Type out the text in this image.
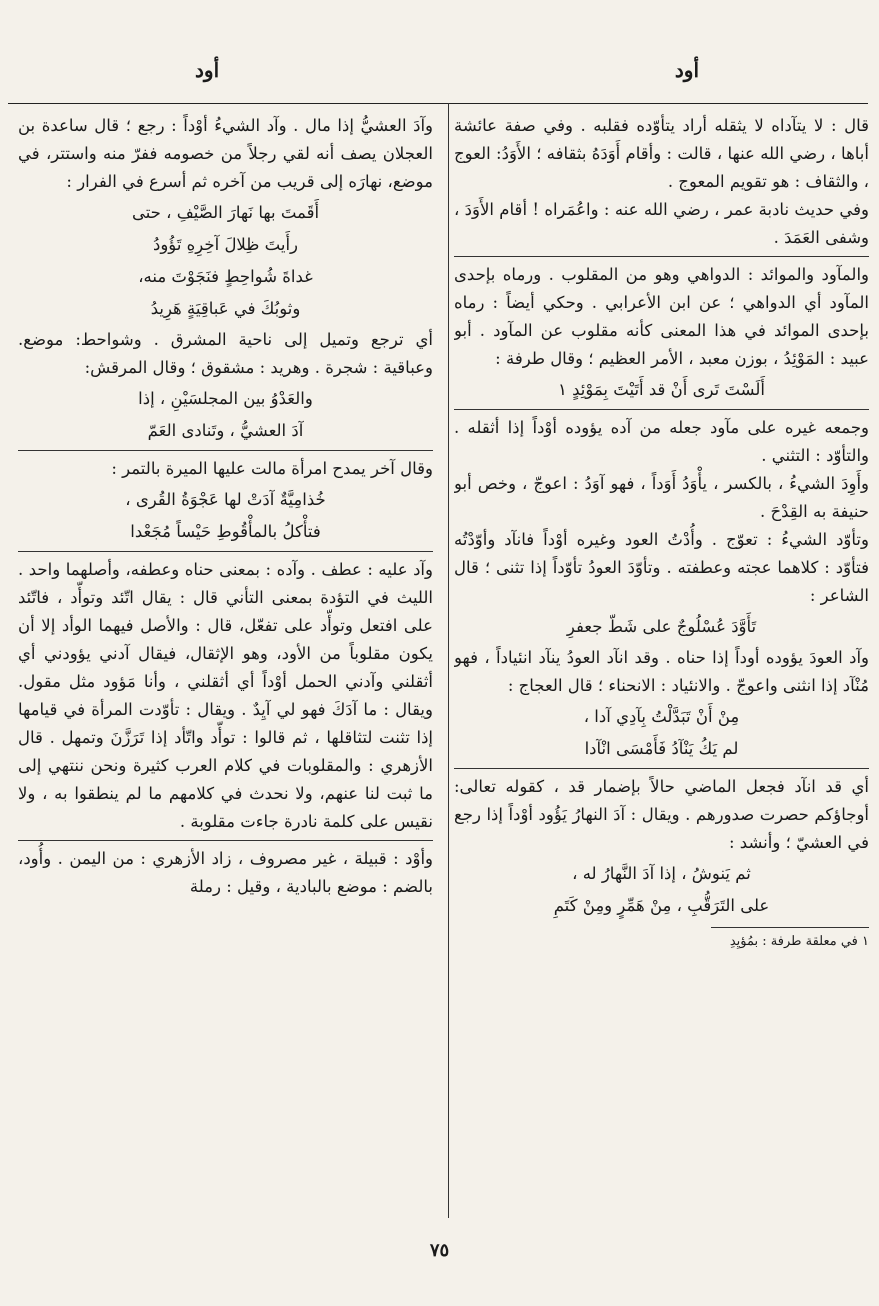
أود
أود

قال : لا يتآداه لا يثقله أراد يتأوّده فقلبه . وفي صفة عائشة أباها ، رضي الله عنها ، قالت : وأقام أَوَدَهُ بثقافه ؛ الأَوَدُ: العوج ، والثقاف : هو تقويم المعوج .

وفي حديث نادبة عمر ، رضي الله عنه : واعُمَراه ! أقام الأَوَدَ ، وشفى العَمَدَ .

والمآود والموائد : الدواهي وهو من المقلوب . ورماه بإحدى المآود أي الدواهي ؛ عن ابن الأعرابي . وحكي أيضاً : رماه بإحدى الموائد في هذا المعنى كأنه مقلوب عن المآود . أبو عبيد : المَوْئِدُ ، بوزن معبد ، الأمر العظيم ؛ وقال طرفة :

أَلَسْتَ تَرى أَنْ قد أَتَيْتَ بِمَوْئِدٍ ١

وجمعه غيره على مآود جعله من آده يؤوده أوْداً إذا أثقله . والتأوّد : التثني .

وأَوِدَ الشيءُ ، بالكسر ، يأْوَدُ أَوَداً ، فهو آوَدُ : اعوجّ ، وخص أبو حنيفة به القِدْحَ .

وتأوّد الشيءُ : تعوّج . وأُدْتُ العود وغيره أوْداً فانآد وأوّدْتُه فتأوّد : كلاهما عجته وعطفته . وتأوّدَ العودُ تأوّداً إذا تثنى ؛ قال الشاعر :

تَأَوَّدَ عُسْلُوجٌ على شَطّ جعفرِ

وآد العودَ يؤوده أوداً إذا حناه . وقد انآد العودُ ينآد انئياداً ، فهو مُنْآد إذا انثنى واعوجّ . والانئياد : الانحناء ؛ قال العجاج :

مِنْ أَنْ تَبَدَّلْتُ بِآدِي آدا ،

لم يَكُ يَنْآدُ فَأَمْسَى انْآدا

أي قد انآد فجعل الماضي حالاً بإضمار قد ، كقوله تعالى: أوجاؤكم حصرت صدورهم . ويقال : آدَ النهارُ يَؤُود أوْداً إذا رجع في العشيّ ؛ وأنشد :

ثم يَنوشُ ، إذا آدَ النَّهارُ له ،

على التَرَقُّبِ ، مِنْ هَمِّرٍ ومِنْ كَتَمِ

١ في معلقة طرفة : بمُؤيِدِ

وآدَ العشيُّ إذا مال . وآد الشيءُ أوْداً : رجع ؛ قال ساعدة بن العجلان يصف أنه لقي رجلاً من خصومه ففرّ منه واستتر، في موضع، نهارَه إلى قريب من آخره ثم أسرع في الفرار :

أَقَمتَ بها نَهارَ الصَّيْفِ ، حتى

رأَيتَ ظِلالَ آخِرِهِ تَؤُودُ

غداةَ شُواحِطٍ فنَجَوْتَ منه،

وثوبُكَ في عَباقِيَةٍ هَرِيدُ

أي ترجع وتميل إلى ناحية المشرق . وشواحط: موضع. وعباقية : شجرة . وهريد : مشقوق ؛ وقال المرقش:

والعَدْوُ بين المجلسَيْنِ ، إذا

آدَ العشيُّ ، وتَنادى العَمّ

وقال آخر يمدح امرأة مالت عليها الميرة بالتمر :

خُذامِيَّةٌ آدَتْ لها عَجْوَةُ القُرى ،

فتأْكلُ بالمأْقُوطِ حَيْساً مُجَعْدا

وآد عليه : عطف . وآده : بمعنى حناه وعطفه، وأصلهما واحد . الليث في التؤدة بمعنى التأني قال : يقال اتّئد وتوأّد ، فاتّئد على افتعل وتوأّد على تفعّل، قال : والأصل فيهما الوأد إلا أن يكون مقلوباً من الأود، وهو الإثقال، فيقال آدني يؤودني أي أثقلني وآدني الحمل أوْداً أي أثقلني ، وأنا مَؤود مثل مقول. ويقال : ما آدَكَ فهو لي آيِدٌ . ويقال : تأوّدت المرأة في قيامها إذا تثنت لتثاقلها ، ثم قالوا : توأّد واتّأد إذا تَرَزَّنَ وتمهل . قال الأزهري : والمقلوبات في كلام العرب كثيرة ونحن ننتهي إلى ما ثبت لنا عنهم، ولا نحدث في كلامهم ما لم ينطقوا به ، ولا نقيس على كلمة نادرة جاءت مقلوبة .

وأوْد : قبيلة ، غير مصروف ، زاد الأزهري : من اليمن . وأُود، بالضم : موضع بالبادية ، وقيل : رملة

٧٥
